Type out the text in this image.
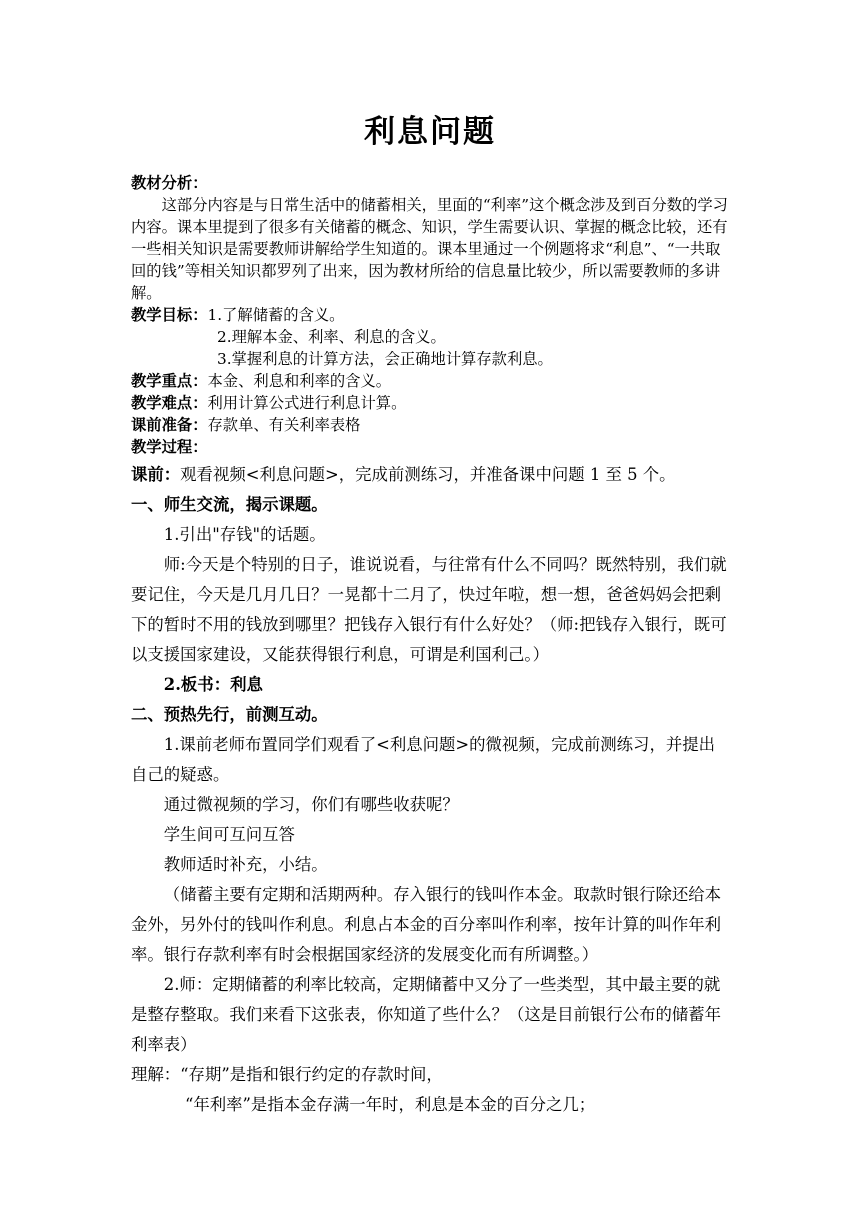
利息问题
教材分析：

这部分内容是与日常生活中的储蓄相关，里面的“利率”这个概念涉及到百分数的学习内容。课本里提到了很多有关储蓄的概念、知识，学生需要认识、掌握的概念比较，还有一些相关知识是需要教师讲解给学生知道的。课本里通过一个例题将求“利息”、“一共取回的钱”等相关知识都罗列了出来，因为教材所给的信息量比较少，所以需要教师的多讲解。

教学目标：1.了解储蓄的含义。
2.理解本金、利率、利息的含义。
3.掌握利息的计算方法，会正确地计算存款利息。
教学重点：本金、利息和利率的含义。
教学难点：利用计算公式进行利息计算。
课前准备：存款单、有关利率表格
教学过程：
课前：观看视频<利息问题>，完成前测练习，并准备课中问题 1 至 5 个。
一、师生交流，揭示课题。

1.引出"存钱"的话题。

师:今天是个特别的日子，谁说说看，与往常有什么不同吗？既然特别，我们就要记住，今天是几月几日？一晃都十二月了，快过年啦，想一想，爸爸妈妈会把剩下的暂时不用的钱放到哪里？把钱存入银行有什么好处？（师:把钱存入银行，既可以支援国家建设，又能获得银行利息，可谓是利国利己。）

2.板书：利息

二、预热先行，前测互动。

1.课前老师布置同学们观看了<利息问题>的微视频，完成前测练习，并提出自己的疑惑。

通过微视频的学习，你们有哪些收获呢？

学生间可互问互答

教师适时补充，小结。

（储蓄主要有定期和活期两种。存入银行的钱叫作本金。取款时银行除还给本金外，另外付的钱叫作利息。利息占本金的百分率叫作利率，按年计算的叫作年利率。银行存款利率有时会根据国家经济的发展变化而有所调整。）

2.师：定期储蓄的利率比较高，定期储蓄中又分了一些类型，其中最主要的就是整存整取。我们来看下这张表，你知道了些什么？（这是目前银行公布的储蓄年利率表）

理解：“存期”是指和银行约定的存款时间，
“年利率”是指本金存满一年时，利息是本金的百分之几；
